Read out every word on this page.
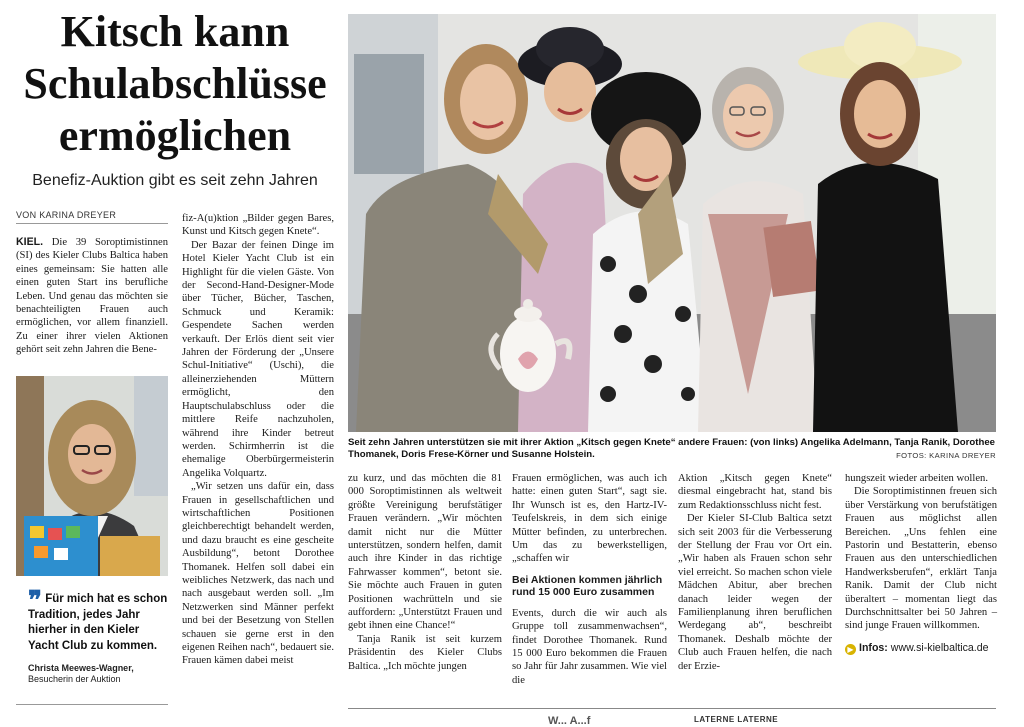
Kitsch kann Schulabschlüsse ermöglichen
Benefiz-Auktion gibt es seit zehn Jahren
VON KARINA DREYER

KIEL. Die 39 Soroptimistinnen (SI) des Kieler Clubs Baltica haben eines gemeinsam: Sie hatten alle einen guten Start ins berufliche Leben. Und genau das möchten sie benachteiligten Frauen auch ermöglichen, vor allem finanziell. Zu einer ihrer vielen Aktionen gehört seit zehn Jahren die Bene-

❞ Für mich hat es schon Tradition, jedes Jahr hierher in den Kieler Yacht Club zu kommen.
Christa Meewes-Wagner,
Besucherin der Auktion

fiz-A(u)ktion „Bilder gegen Bares, Kunst und Kitsch gegen Knete“.

Der Bazar der feinen Dinge im Hotel Kieler Yacht Club ist ein Highlight für die vielen Gäste. Von der Second-Hand-Designer-Mode über Tücher, Bücher, Taschen, Schmuck und Keramik: Gespendete Sachen werden verkauft. Der Erlös dient seit vier Jahren der Förderung der „Unsere Schul-Initiative“ (Uschi), die alleinerziehenden Müttern ermöglicht, den Hauptschulabschluss oder die mittlere Reife nachzuholen, während ihre Kinder betreut werden. Schirmherrin ist die ehemalige Oberbürgermeisterin Angelika Volquartz.

„Wir setzen uns dafür ein, dass Frauen in gesellschaftlichen und wirtschaftlichen Positionen gleichberechtigt behandelt werden, und dazu braucht es eine gescheite Ausbildung“, betont Dorothee Thomanek. Helfen soll dabei ein weibliches Netzwerk, das nach und nach ausgebaut werden soll. „Im Netzwerken sind Männer perfekt und bei der Besetzung von Stellen schauen sie gerne erst in den eigenen Reihen nach“, bedauert sie. Frauen kämen dabei meist

Seit zehn Jahren unterstützen sie mit ihrer Aktion „Kitsch gegen Knete“ andere Frauen: (von links) Angelika Adelmann, Tanja Ranik, Dorothee Thomanek, Doris Frese-Körner und Susanne Holstein.	FOTOS: KARINA DREYER

zu kurz, und das möchten die 81 000 Soroptimistinnen als weltweit größte Vereinigung berufstätiger Frauen verändern. „Wir möchten damit nicht nur die Mütter unterstützen, sondern helfen, damit auch ihre Kinder in das richtige Fahrwasser kommen“, betont sie. Sie möchte auch Frauen in guten Positionen wachrütteln und sie auffordern: „Unterstützt Frauen und gebt ihnen eine Chance!“

Tanja Ranik ist seit kurzem Präsidentin des Kieler Clubs Baltica. „Ich möchte jungen

Frauen ermöglichen, was auch ich hatte: einen guten Start“, sagt sie. Ihr Wunsch ist es, den Hartz-IV-Teufelskreis, in dem sich einige Mütter befinden, zu unterbrechen. Um das zu bewerkstelligen, „schaffen wir

Bei Aktionen kommen jährlich rund 15 000 Euro zusammen

Events, durch die wir auch als Gruppe toll zusammenwachsen“, findet Dorothee Thomanek. Rund 15 000 Euro bekommen die Frauen so Jahr für Jahr zusammen. Wie viel die

Aktion „Kitsch gegen Knete“ diesmal eingebracht hat, stand bis zum Redaktionsschluss nicht fest.

Der Kieler SI-Club Baltica setzt sich seit 2003 für die Verbesserung der Stellung der Frau vor Ort ein. „Wir haben als Frauen schon sehr viel erreicht. So machen schon viele Mädchen Abitur, aber brechen danach leider wegen der Familienplanung ihren beruflichen Werdegang ab“, beschreibt Thomanek. Deshalb möchte der Club auch Frauen helfen, die nach der Erzie-

hungszeit wieder arbeiten wollen.

Die Soroptimistinnen freuen sich über Verstärkung von berufstätigen Frauen aus möglichst allen Bereichen. „Uns fehlen eine Pastorin und Bestatterin, ebenso Frauen aus den unterschiedlichen Handwerksberufen“, erklärt Tanja Ranik. Damit der Club nicht überaltert – momentan liegt das Durchschnittsalter bei 50 Jahren – sind junge Frauen willkommen.

▶ Infos: www.si-kielbaltica.de
W... A...f	LATERNE LATERNE
